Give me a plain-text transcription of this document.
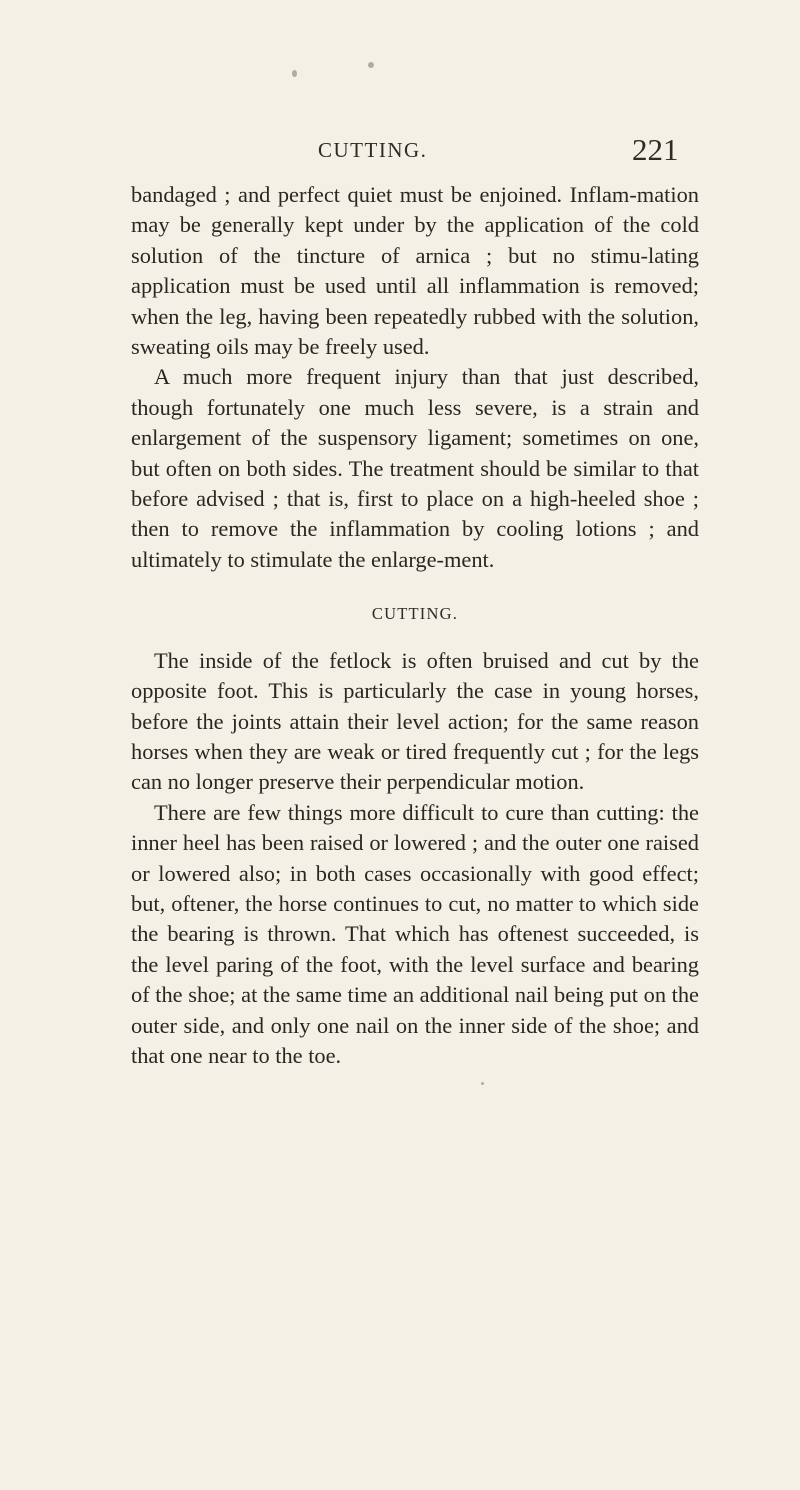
CUTTING.	221

bandaged ; and perfect quiet must be enjoined. Inflam-mation may be generally kept under by the application of the cold solution of the tincture of arnica ; but no stimu-lating application must be used until all inflammation is removed; when the leg, having been repeatedly rubbed with the solution, sweating oils may be freely used.

A much more frequent injury than that just described, though fortunately one much less severe, is a strain and enlargement of the suspensory ligament; sometimes on one, but often on both sides. The treatment should be similar to that before advised ; that is, first to place on a high-heeled shoe ; then to remove the inflammation by cooling lotions ; and ultimately to stimulate the enlarge-ment.

CUTTING.

The inside of the fetlock is often bruised and cut by the opposite foot. This is particularly the case in young horses, before the joints attain their level action; for the same reason horses when they are weak or tired frequently cut ; for the legs can no longer preserve their perpendicular motion.

There are few things more difficult to cure than cutting: the inner heel has been raised or lowered ; and the outer one raised or lowered also; in both cases occasionally with good effect; but, oftener, the horse continues to cut, no matter to which side the bearing is thrown. That which has oftenest succeeded, is the level paring of the foot, with the level surface and bearing of the shoe; at the same time an additional nail being put on the outer side, and only one nail on the inner side of the shoe; and that one near to the toe.
